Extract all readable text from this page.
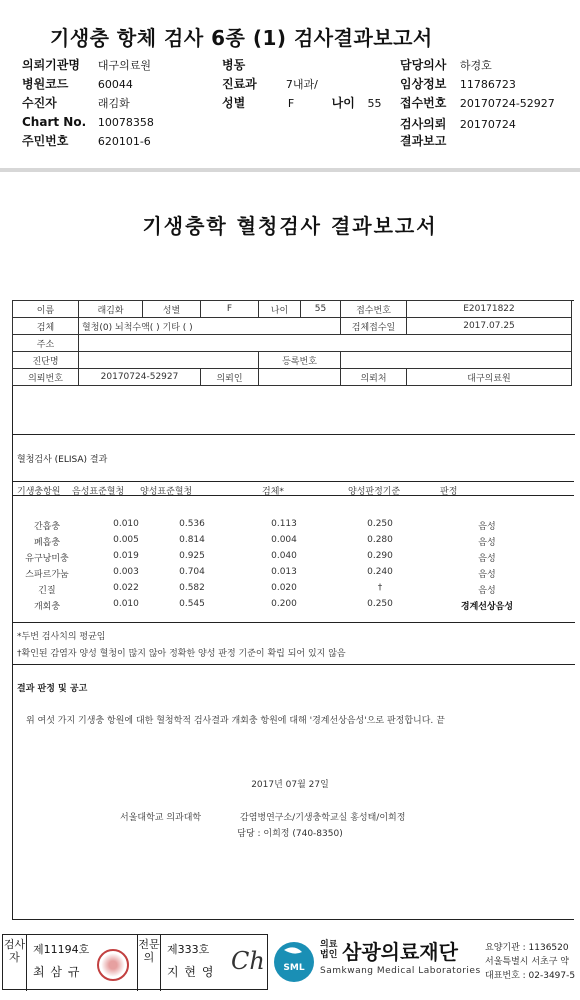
기생충 항체 검사 6종 (1) 검사결과보고서
의뢰기관명 대구의료원	병동	담당의사 하경호
병원코드	60044	진료과	7내과/	임상정보 11786723
수진자	래김화	성별	F	나이 55 접수번호 20170724-52927
Chart No. 10078358	검사의뢰 20170724
주민번호	620101-6	결과보고
기생충학 혈청검사 결과보고서
이름	래김화	성별	F	나이	55	접수번호	E20171822
검체	혈청(0) 뇌척수액( ) 기타 ( )					검체접수일	2017.07.25
주소							
진단명				등록번호			
의뢰번호	20170724-52927		의뢰인			의뢰처	대구의료원
혈청검사 (ELISA) 결과
기생충항원 음성표준혈청 양성표준혈청	검체*	양성판정기준	판정
간흡충	0.010	0.536	0.113	0.250	음성
폐흡충	0.005	0.814	0.004	0.280	음성
유구낭미충	0.019	0.925	0.040	0.290	음성
스파르가눔	0.003	0.704	0.013	0.240	음성
긴질	0.022	0.582	0.020	†	음성
개회충	0.010	0.545	0.200	0.250	경계선상음성
*두번 검사치의 평균임
†확인된 감염자 양성 혈청이 많지 않아 정확한 양성 판정 기준이 확립 되어 있지 않음
결과 판정 및 공고
위 여섯 가지 기생충 항원에 대한 혈청학적 검사결과 개회충 항원에 대해 '경계선상음성'으로 판정합니다. 끝
2017년 07월 27일
서울대학교 의과대학	감염병연구소/기생충학교실 홍성태/이희정
담당 : 이희정 (740-8350)
검사자
제11194호
최 삼 규
전문의
제333호
지 현 영 Ch SML
의료법인 삼광의료재단
Samkwang Medical Laboratories
요양기관 : 1136520
서울특별시 서초구 약
대표번호 : 02-3497-5
